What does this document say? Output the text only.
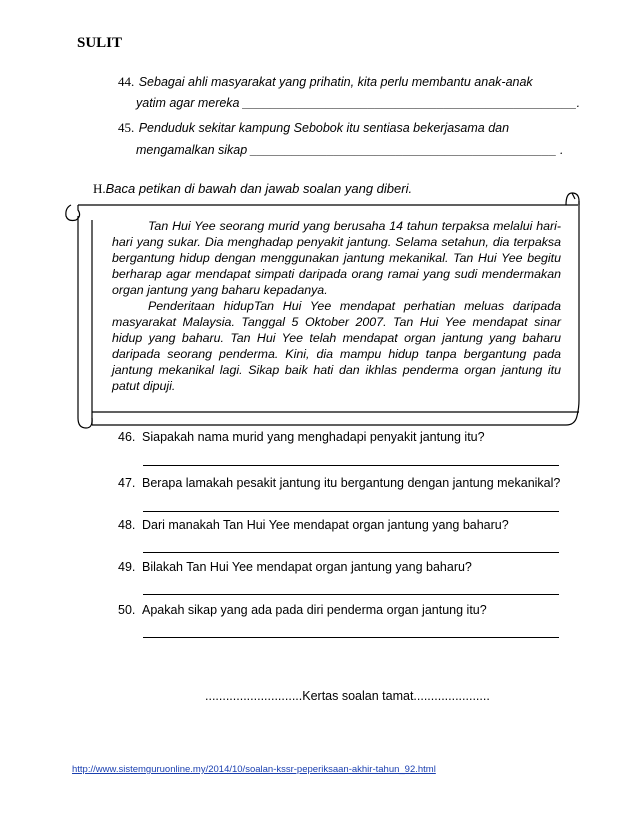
SULIT
44. Sebagai ahli masyarakat yang prihatin, kita perlu membantu anak-anak
yatim agar mereka ________________________________________________.
45. Penduduk sekitar kampung Sebobok itu sentiasa bekerjasama dan
mengamalkan sikap ____________________________________________ .
H.Baca petikan di bawah dan jawab soalan yang diberi.

Tan Hui Yee seorang murid yang berusaha 14 tahun terpaksa melalui hari-hari yang sukar. Dia menghadap penyakit jantung. Selama setahun, dia terpaksa bergantung hidup dengan menggunakan jantung mekanikal. Tan Hui Yee begitu berharap agar mendapat simpati daripada orang ramai yang sudi mendermakan organ jantung yang baharu kepadanya.

Penderitaan hidupTan Hui Yee mendapat perhatian meluas daripada masyarakat Malaysia. Tanggal 5 Oktober 2007. Tan Hui Yee mendapat sinar hidup yang baharu. Tan Hui Yee telah mendapat organ jantung yang baharu daripada seorang penderma. Kini, dia mampu hidup tanpa bergantung pada jantung mekanikal lagi. Sikap baik hati dan ikhlas penderma organ jantung itu patut dipuji.

46. Siapakah nama murid yang menghadapi penyakit jantung itu?
47. Berapa lamakah pesakit jantung itu bergantung dengan jantung mekanikal?
48. Dari manakah Tan Hui Yee mendapat organ jantung yang baharu?
49. Bilakah Tan Hui Yee mendapat organ jantung yang baharu?
50. Apakah sikap yang ada pada diri penderma organ jantung itu?
............................Kertas soalan tamat......................
http://www.sistemguruonline.my/2014/10/soalan-kssr-peperiksaan-akhir-tahun_92.html
